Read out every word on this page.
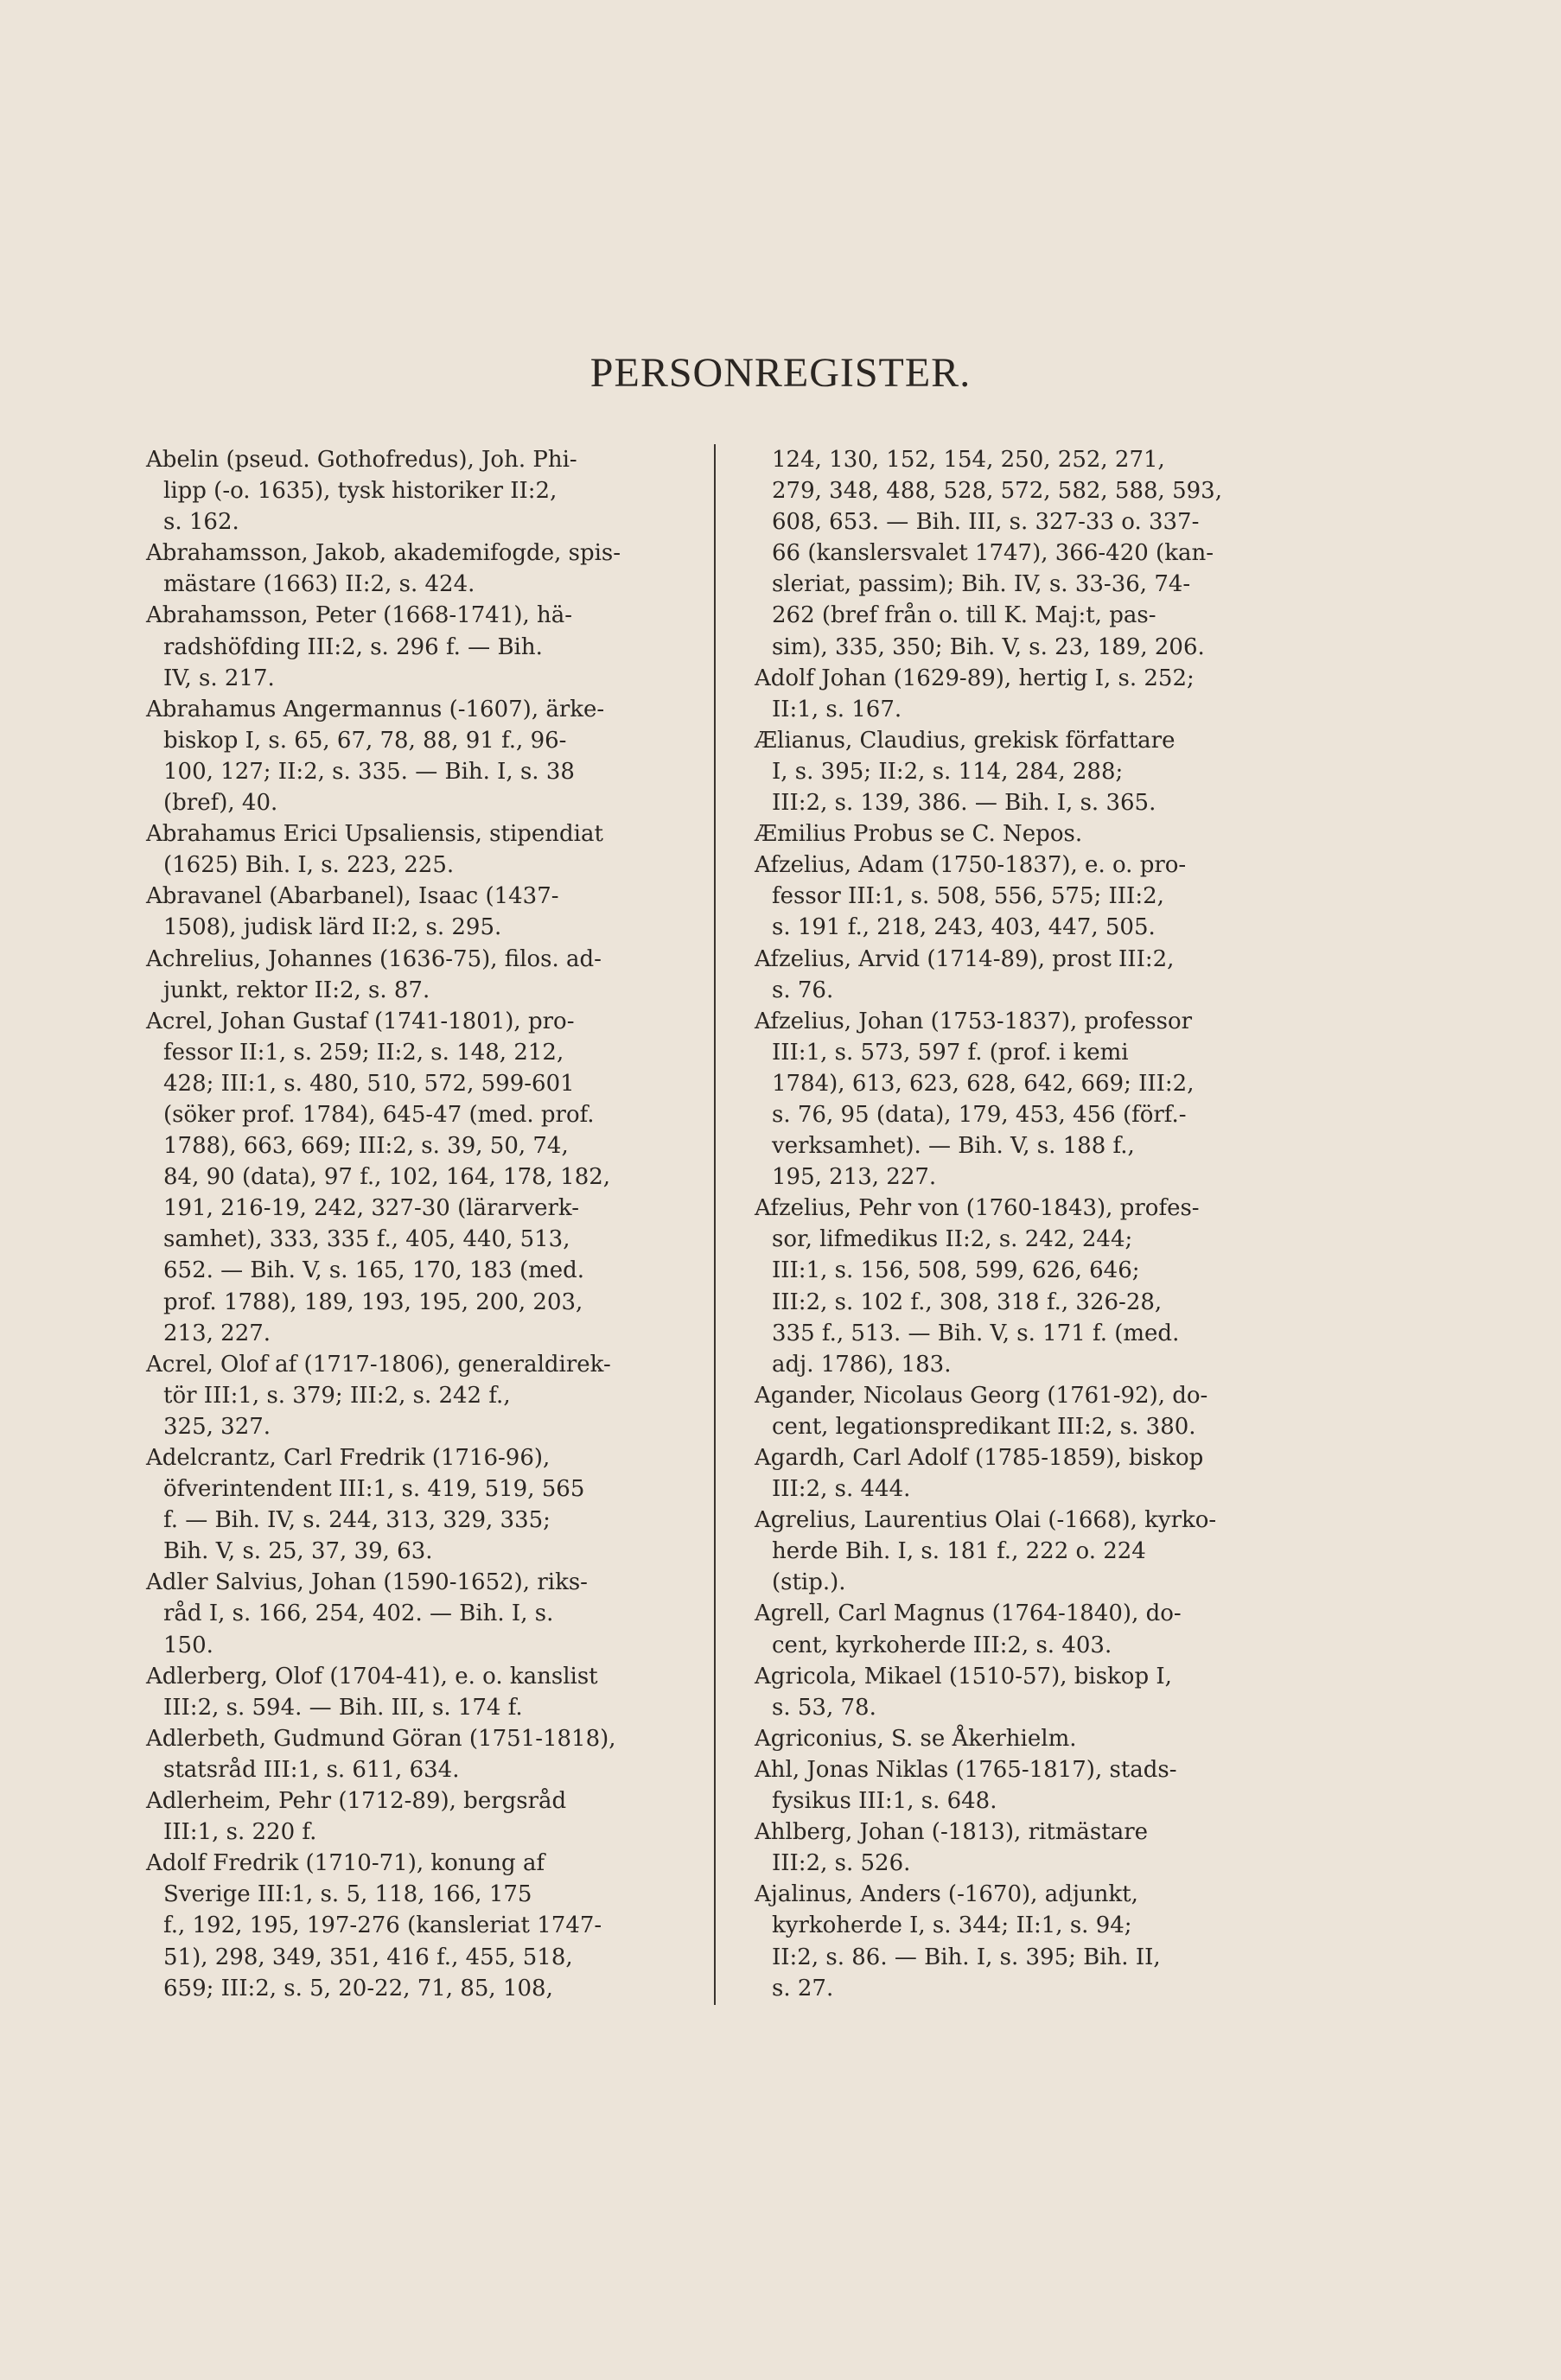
PERSONREGISTER.

Abelin (pseud. Gothofredus), Joh. Phi-
lipp (-o. 1635), tysk historiker II:2,
s. 162.

Abrahamsson, Jakob, akademifogde, spis-
mästare (1663) II:2, s. 424.

Abrahamsson, Peter (1668-1741), hä-
radshöfding III:2, s. 296 f. — Bih.
IV, s. 217.

Abrahamus Angermannus (-1607), ärke-
biskop I, s. 65, 67, 78, 88, 91 f., 96-
100, 127; II:2, s. 335. — Bih. I, s. 38
(bref), 40.

Abrahamus Erici Upsaliensis, stipendiat
(1625) Bih. I, s. 223, 225.

Abravanel (Abarbanel), Isaac (1437-
1508), judisk lärd II:2, s. 295.

Achrelius, Johannes (1636-75), filos. ad-
junkt, rektor II:2, s. 87.

Acrel, Johan Gustaf (1741-1801), pro-
fessor II:1, s. 259; II:2, s. 148, 212,
428; III:1, s. 480, 510, 572, 599-601
(söker prof. 1784), 645-47 (med. prof.
1788), 663, 669; III:2, s. 39, 50, 74,
84, 90 (data), 97 f., 102, 164, 178, 182,
191, 216-19, 242, 327-30 (lärarverk-
samhet), 333, 335 f., 405, 440, 513,
652. — Bih. V, s. 165, 170, 183 (med.
prof. 1788), 189, 193, 195, 200, 203,
213, 227.

Acrel, Olof af (1717-1806), generaldirek-
tör III:1, s. 379; III:2, s. 242 f.,
325, 327.

Adelcrantz, Carl Fredrik (1716-96),
öfverintendent III:1, s. 419, 519, 565
f. — Bih. IV, s. 244, 313, 329, 335;
Bih. V, s. 25, 37, 39, 63.

Adler Salvius, Johan (1590-1652), riks-
råd I, s. 166, 254, 402. — Bih. I, s.
150.

Adlerberg, Olof (1704-41), e. o. kanslist
III:2, s. 594. — Bih. III, s. 174 f.

Adlerbeth, Gudmund Göran (1751-1818),
statsråd III:1, s. 611, 634.

Adlerheim, Pehr (1712-89), bergsråd
III:1, s. 220 f.

Adolf Fredrik (1710-71), konung af
Sverige III:1, s. 5, 118, 166, 175
f., 192, 195, 197-276 (kansleriat 1747-
51), 298, 349, 351, 416 f., 455, 518,
659; III:2, s. 5, 20-22, 71, 85, 108,

124, 130, 152, 154, 250, 252, 271,
279, 348, 488, 528, 572, 582, 588, 593,
608, 653. — Bih. III, s. 327-33 o. 337-
66 (kanslersvalet 1747), 366-420 (kan-
sleriat, passim); Bih. IV, s. 33-36, 74-
262 (bref från o. till K. Maj:t, pas-
sim), 335, 350; Bih. V, s. 23, 189, 206.

Adolf Johan (1629-89), hertig I, s. 252;
II:1, s. 167.

Ælianus, Claudius, grekisk författare
I, s. 395; II:2, s. 114, 284, 288;
III:2, s. 139, 386. — Bih. I, s. 365.

Æmilius Probus se C. Nepos.

Afzelius, Adam (1750-1837), e. o. pro-
fessor III:1, s. 508, 556, 575; III:2,
s. 191 f., 218, 243, 403, 447, 505.

Afzelius, Arvid (1714-89), prost III:2,
s. 76.

Afzelius, Johan (1753-1837), professor
III:1, s. 573, 597 f. (prof. i kemi
1784), 613, 623, 628, 642, 669; III:2,
s. 76, 95 (data), 179, 453, 456 (förf.-
verksamhet). — Bih. V, s. 188 f.,
195, 213, 227.

Afzelius, Pehr von (1760-1843), profes-
sor, lifmedikus II:2, s. 242, 244;
III:1, s. 156, 508, 599, 626, 646;
III:2, s. 102 f., 308, 318 f., 326-28,
335 f., 513. — Bih. V, s. 171 f. (med.
adj. 1786), 183.

Agander, Nicolaus Georg (1761-92), do-
cent, legationspredikant III:2, s. 380.

Agardh, Carl Adolf (1785-1859), biskop
III:2, s. 444.

Agrelius, Laurentius Olai (-1668), kyrko-
herde Bih. I, s. 181 f., 222 o. 224
(stip.).

Agrell, Carl Magnus (1764-1840), do-
cent, kyrkoherde III:2, s. 403.

Agricola, Mikael (1510-57), biskop I,
s. 53, 78.

Agriconius, S. se Åkerhielm.

Ahl, Jonas Niklas (1765-1817), stads-
fysikus III:1, s. 648.

Ahlberg, Johan (-1813), ritmästare
III:2, s. 526.

Ajalinus, Anders (-1670), adjunkt,
kyrkoherde I, s. 344; II:1, s. 94;
II:2, s. 86. — Bih. I, s. 395; Bih. II,
s. 27.
